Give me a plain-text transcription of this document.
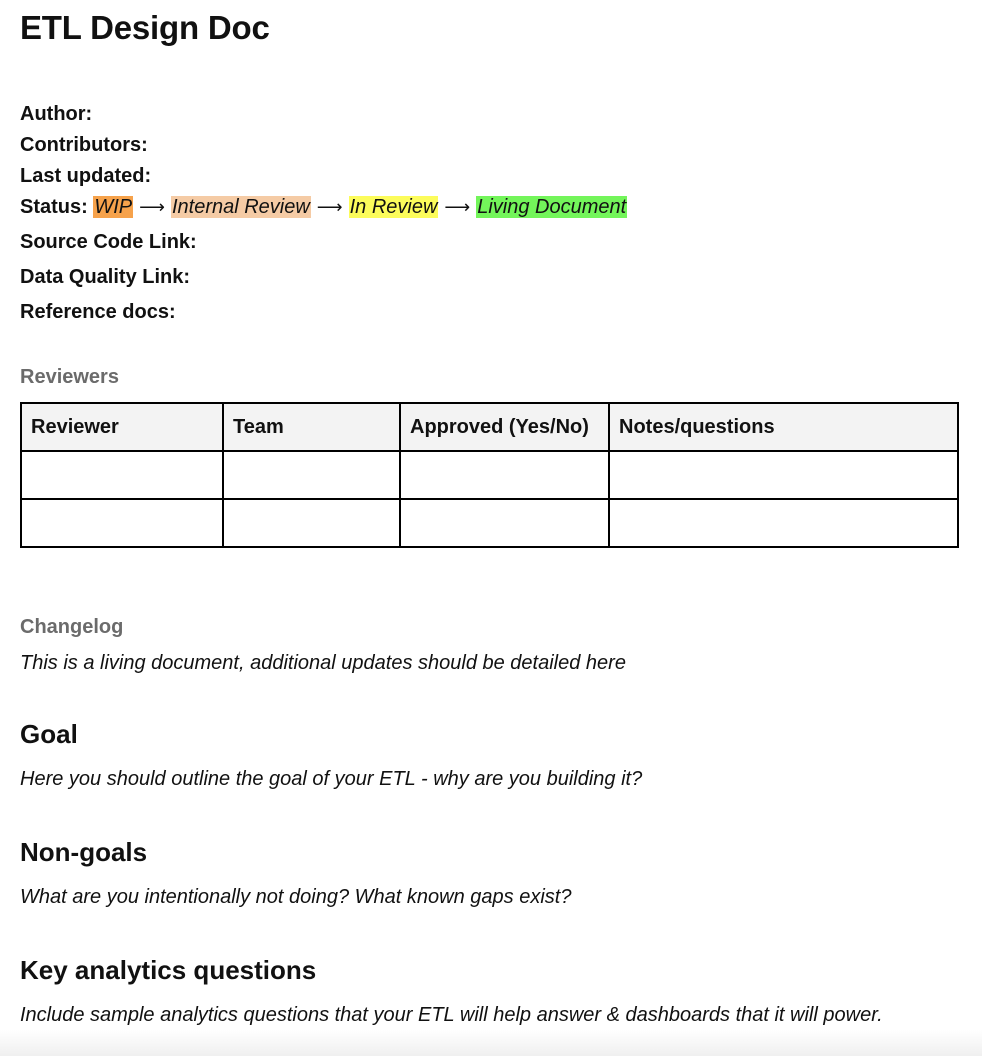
ETL Design Doc
Author:
Contributors:
Last updated:
Status: WIP ⟶ Internal Review ⟶ In Review ⟶ Living Document
Source Code Link:
Data Quality Link:
Reference docs:
Reviewers
Reviewer	Team	Approved (Yes/No)	Notes/questions

Changelog
This is a living document, additional updates should be detailed here
Goal
Here you should outline the goal of your ETL - why are you building it?
Non-goals
What are you intentionally not doing? What known gaps exist?
Key analytics questions
Include sample analytics questions that your ETL will help answer & dashboards that it will power.
